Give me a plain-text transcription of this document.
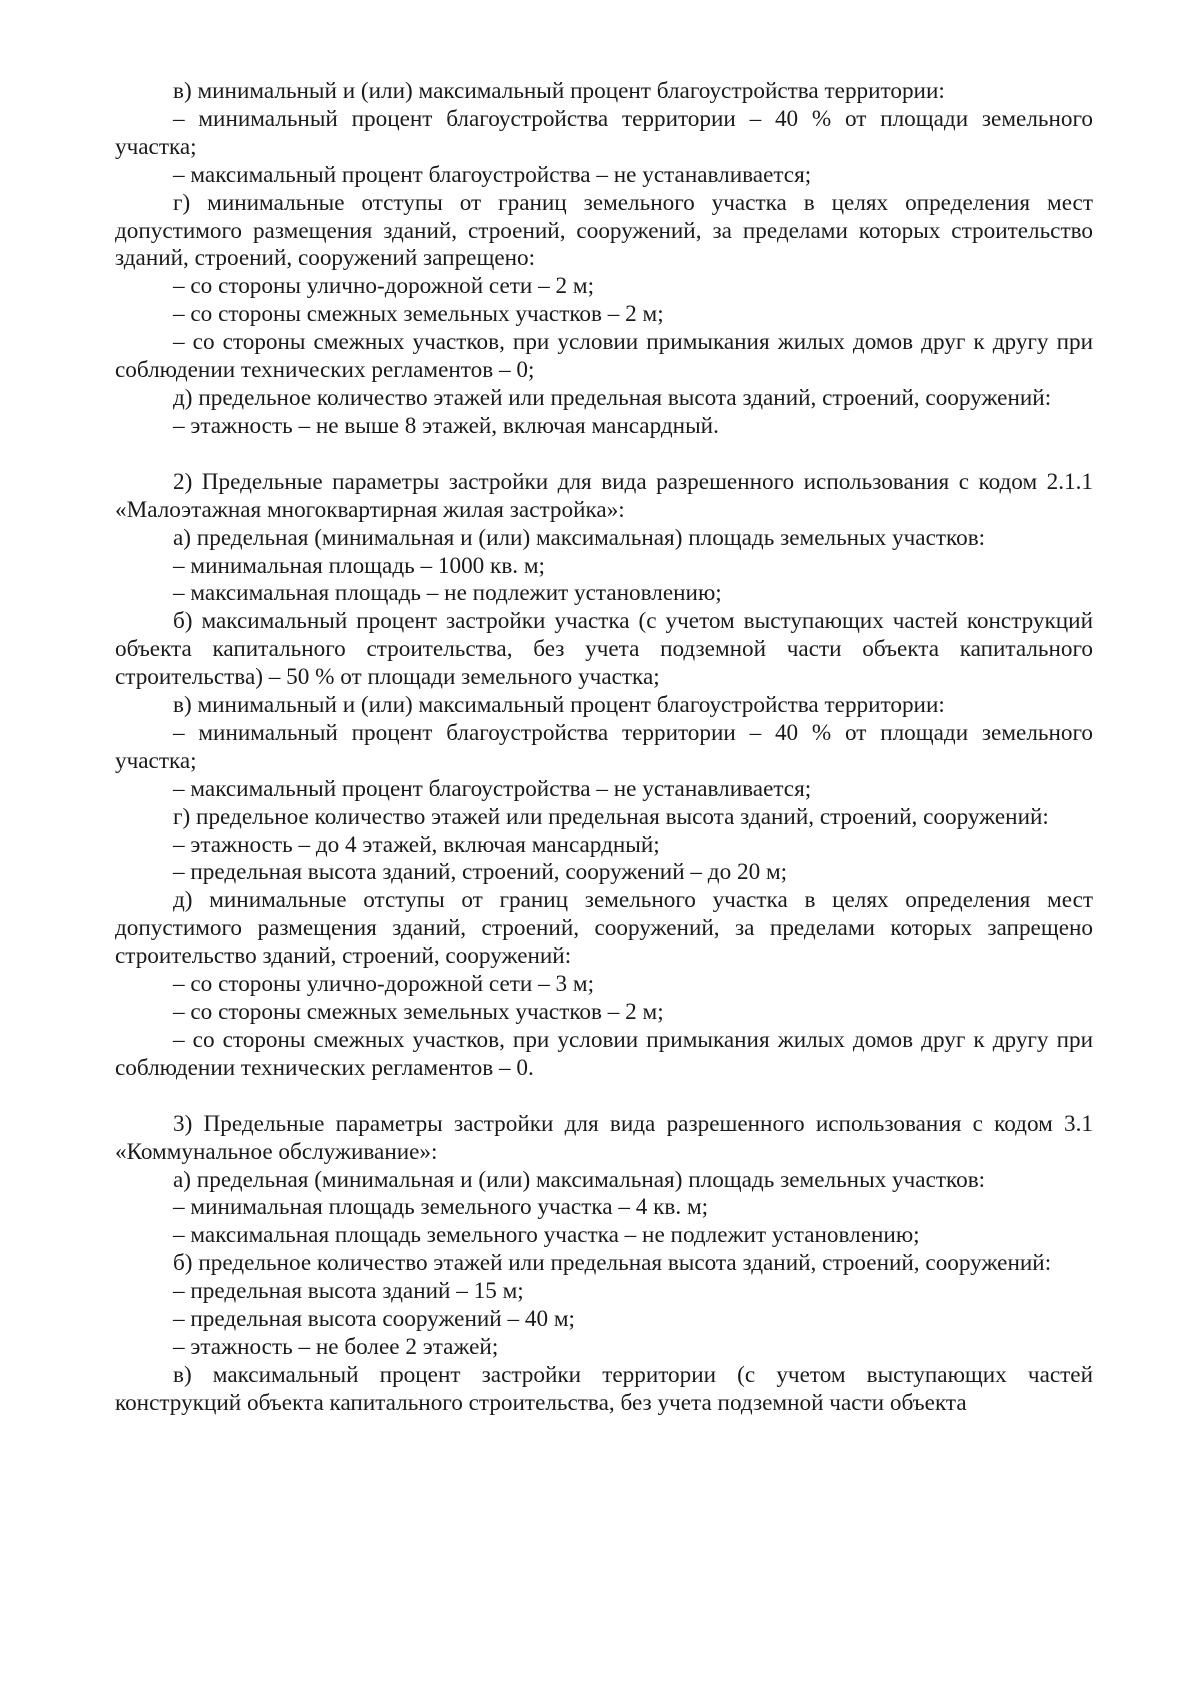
в) минимальный и (или) максимальный процент благоустройства территории:

– минимальный процент благоустройства территории – 40 % от площади земельного участка;

– максимальный процент благоустройства – не устанавливается;

г) минимальные отступы от границ земельного участка в целях определения мест допустимого размещения зданий, строений, сооружений, за пределами которых строительство зданий, строений, сооружений запрещено:

– со стороны улично-дорожной сети – 2 м;

– со стороны смежных земельных участков – 2 м;

– со стороны смежных участков, при условии примыкания жилых домов друг к другу при соблюдении технических регламентов – 0;

д) предельное количество этажей или предельная высота зданий, строений, сооружений:

– этажность – не выше 8 этажей, включая мансардный.

2) Предельные параметры застройки для вида разрешенного использования с кодом 2.1.1 «Малоэтажная многоквартирная жилая застройка»:

а) предельная (минимальная и (или) максимальная) площадь земельных участков:

– минимальная площадь – 1000 кв. м;

– максимальная площадь – не подлежит установлению;

б) максимальный процент застройки участка (с учетом выступающих частей конструкций объекта капитального строительства, без учета подземной части объекта капитального строительства) – 50 % от площади земельного участка;

в) минимальный и (или) максимальный процент благоустройства территории:

– минимальный процент благоустройства территории – 40 % от площади земельного участка;

– максимальный процент благоустройства – не устанавливается;

г) предельное количество этажей или предельная высота зданий, строений, сооружений:

– этажность – до 4 этажей, включая мансардный;

– предельная высота зданий, строений, сооружений – до 20 м;

д) минимальные отступы от границ земельного участка в целях определения мест допустимого размещения зданий, строений, сооружений, за пределами которых запрещено строительство зданий, строений, сооружений:

– со стороны улично-дорожной сети – 3 м;

– со стороны смежных земельных участков – 2 м;

– со стороны смежных участков, при условии примыкания жилых домов друг к другу при соблюдении технических регламентов – 0.

3) Предельные параметры застройки для вида разрешенного использования с кодом 3.1 «Коммунальное обслуживание»:

а) предельная (минимальная и (или) максимальная) площадь земельных участков:

– минимальная площадь земельного участка – 4 кв. м;

– максимальная площадь земельного участка – не подлежит установлению;

б) предельное количество этажей или предельная высота зданий, строений, сооружений:

– предельная высота зданий – 15 м;

– предельная высота сооружений – 40 м;

– этажность – не более 2 этажей;

в) максимальный процент застройки территории (с учетом выступающих частей конструкций объекта капитального строительства, без учета подземной части объекта
